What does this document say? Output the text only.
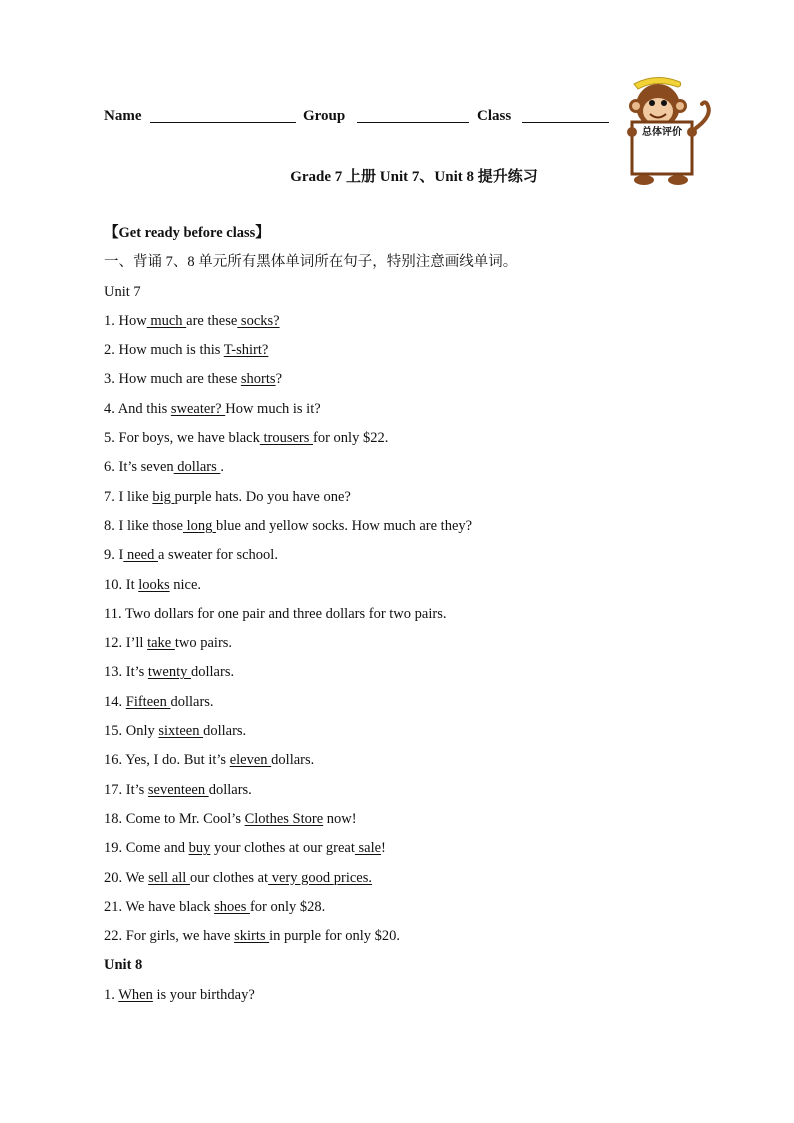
Name	Group	Class
Grade 7 上册 Unit 7、Unit 8 提升练习
总体评价
【Get ready before class】
一、背诵 7、8 单元所有黑体单词所在句子，特别注意画线单词。
Unit 7
1. How much are these socks?
2. How much is this T-shirt?
3. How much are these shorts?
4. And this sweater? How much is it?
5. For boys, we have black trousers for only $22.
6. It’s seven dollars .
7. I like big purple hats. Do you have one?
8. I like those long blue and yellow socks. How much are they?
9. I need a sweater for school.
10. It looks nice.
11. Two dollars for one pair and three dollars for two pairs.
12. I’ll take two pairs.
13. It’s twenty dollars.
14. Fifteen dollars.
15. Only sixteen dollars.
16. Yes, I do. But it’s eleven dollars.
17. It’s seventeen dollars.
18. Come to Mr. Cool’s Clothes Store now!
19. Come and buy your clothes at our great sale!
20. We sell all our clothes at very good prices.
21. We have black shoes for only $28.
22. For girls, we have skirts in purple for only $20.
Unit 8
1. When is your birthday?
